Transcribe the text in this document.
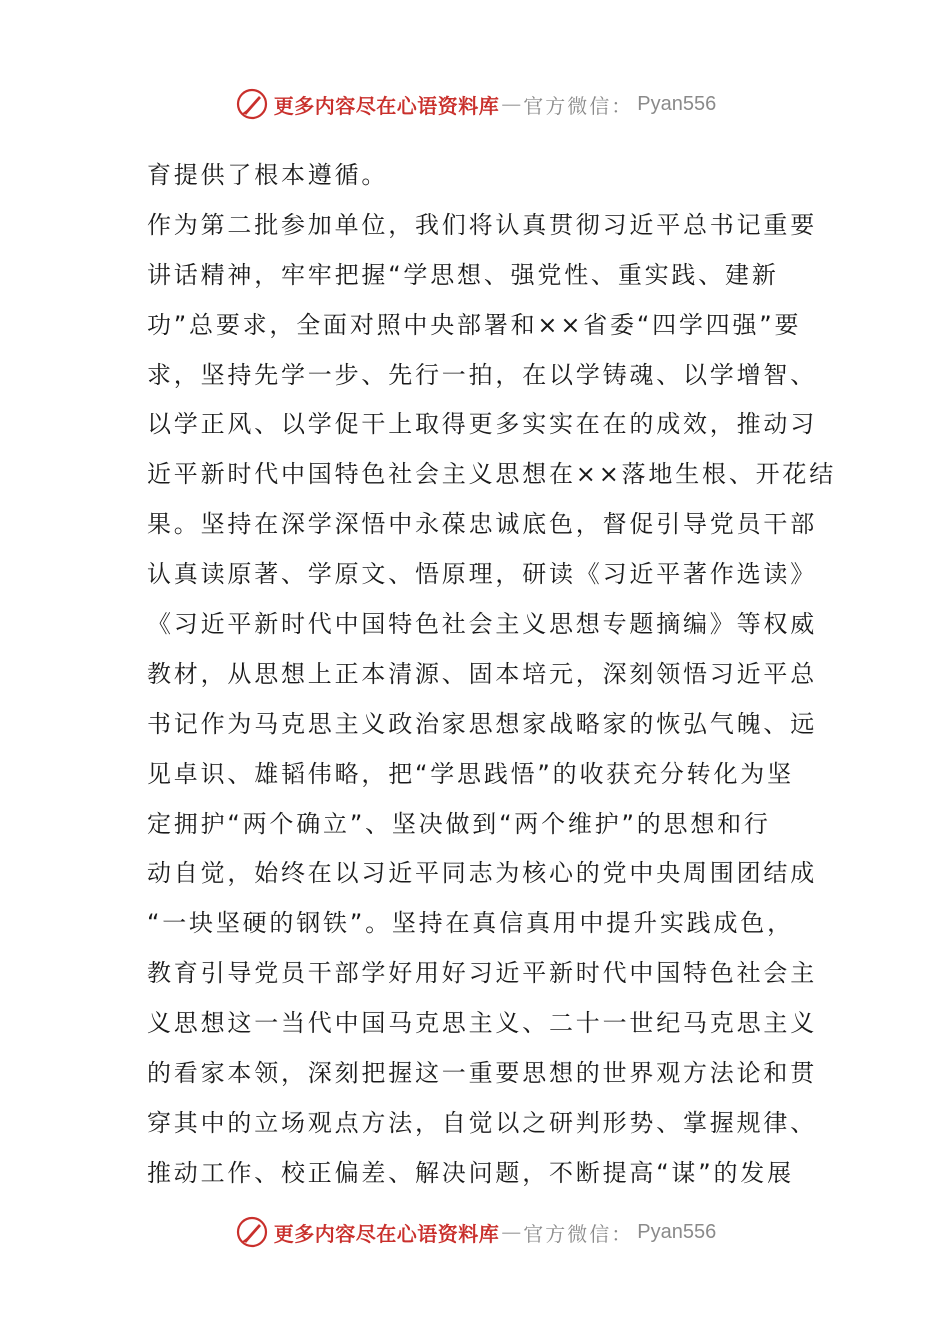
更多内容尽在心语资料库 — 官方微信： Pyan556
育提供了根本遵循。
作为第二批参加单位，我们将认真贯彻习近平总书记重要
讲话精神，牢牢把握“学思想、强党性、重实践、建新
功”总要求，全面对照中央部署和××省委“四学四强”要
求，坚持先学一步、先行一拍，在以学铸魂、以学增智、
以学正风、以学促干上取得更多实实在在的成效，推动习
近平新时代中国特色社会主义思想在××落地生根、开花结
果。坚持在深学深悟中永葆忠诚底色，督促引导党员干部
认真读原著、学原文、悟原理，研读《习近平著作选读》
《习近平新时代中国特色社会主义思想专题摘编》等权威
教材，从思想上正本清源、固本培元，深刻领悟习近平总
书记作为马克思主义政治家思想家战略家的恢弘气魄、远
见卓识、雄韬伟略，把“学思践悟”的收获充分转化为坚
定拥护“两个确立”、坚决做到“两个维护”的思想和行
动自觉，始终在以习近平同志为核心的党中央周围团结成
“一块坚硬的钢铁”。坚持在真信真用中提升实践成色，
教育引导党员干部学好用好习近平新时代中国特色社会主
义思想这一当代中国马克思主义、二十一世纪马克思主义
的看家本领，深刻把握这一重要思想的世界观方法论和贯
穿其中的立场观点方法，自觉以之研判形势、掌握规律、
推动工作、校正偏差、解决问题，不断提高“谋”的发展
更多内容尽在心语资料库 — 官方微信： Pyan556
